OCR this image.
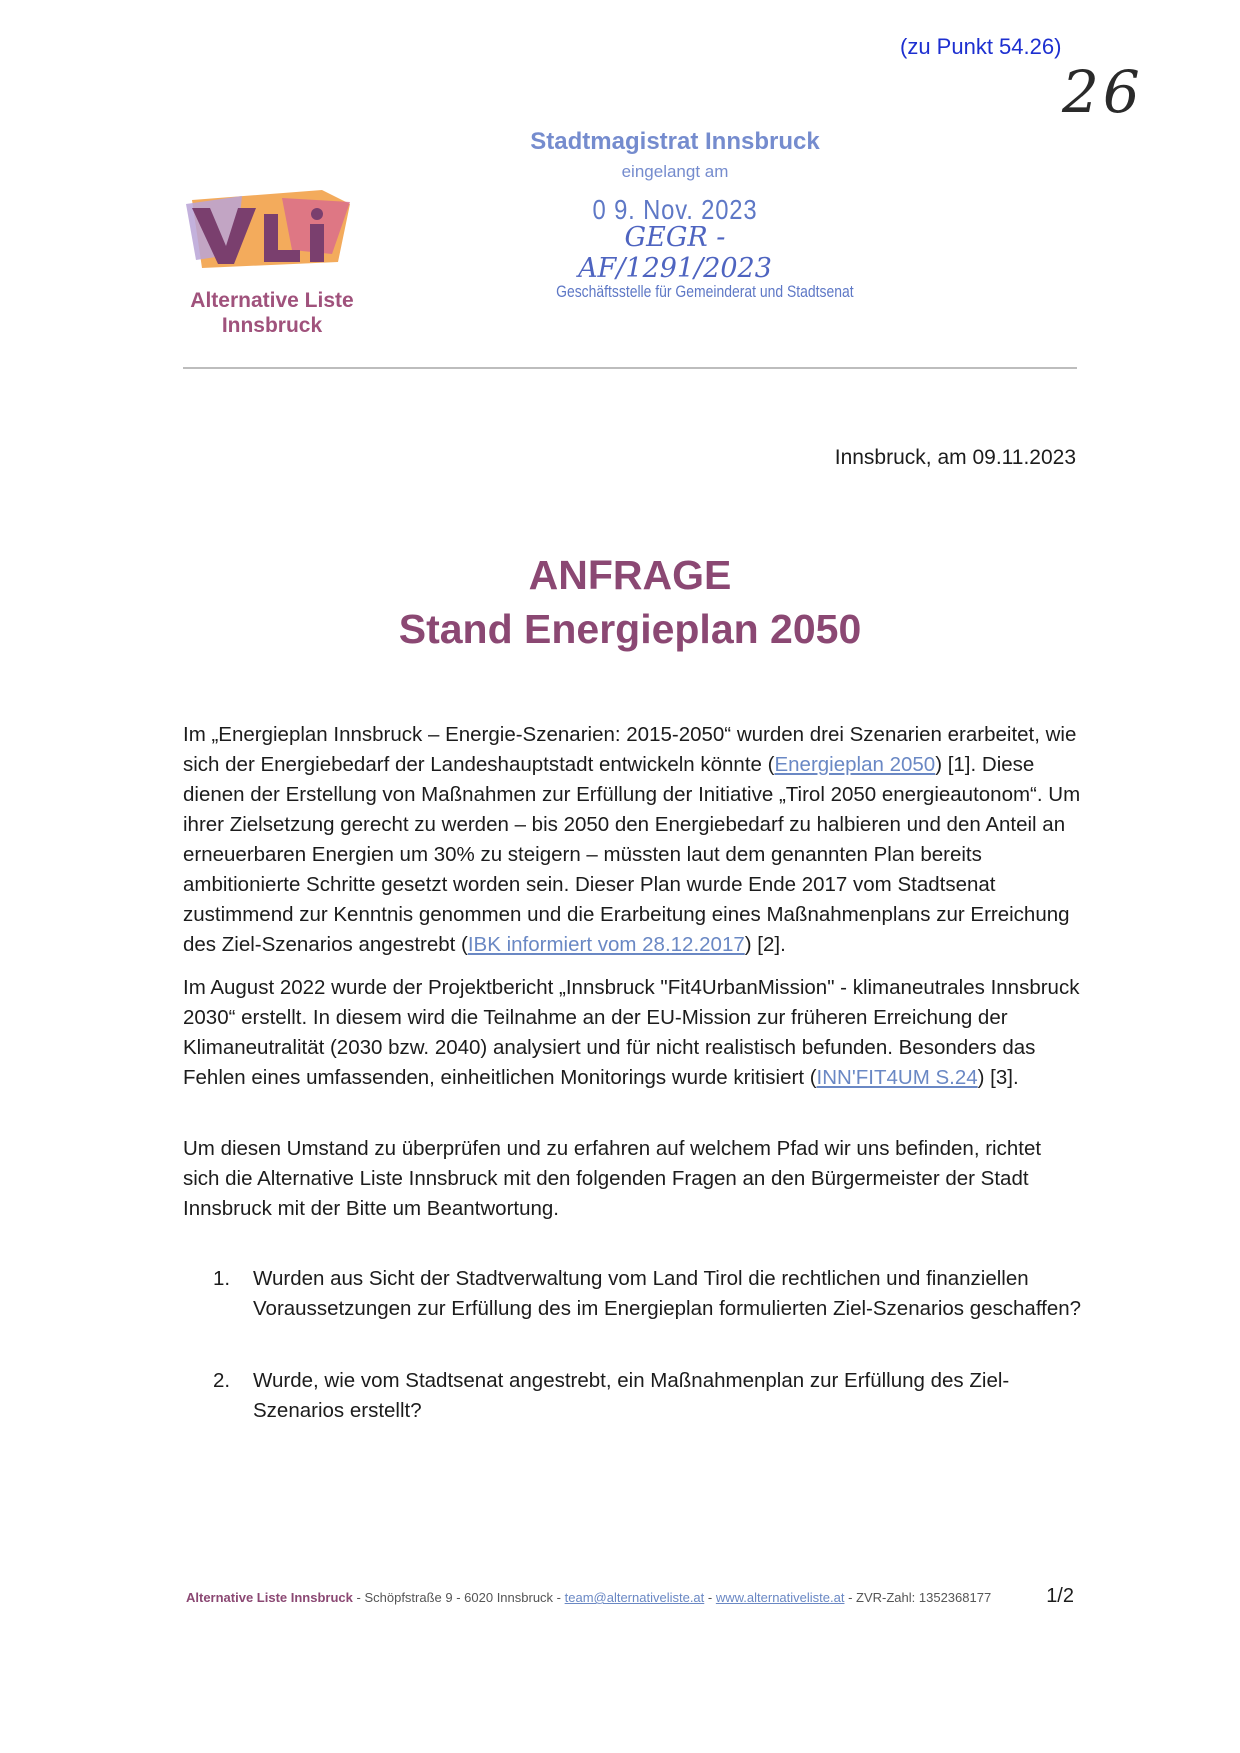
(zu Punkt 54.26)
26
Stadtmagistrat Innsbruck
eingelangt am
0 9. Nov. 2023
GEGR - AF/1291/2023
Geschäftsstelle für Gemeinderat und Stadtsenat
Alternative Liste
Innsbruck
Innsbruck, am 09.11.2023
ANFRAGE
Stand Energieplan 2050
Im „Energieplan Innsbruck – Energie-Szenarien: 2015-2050“ wurden drei Szenarien erarbeitet, wie sich der Energiebedarf der Landeshauptstadt entwickeln könnte (Energieplan 2050) [1]. Diese dienen der Erstellung von Maßnahmen zur Erfüllung der Initiative „Tirol 2050 energieautonom“. Um ihrer Zielsetzung gerecht zu werden – bis 2050 den Energiebedarf zu halbieren und den Anteil an erneuerbaren Energien um 30% zu steigern – müssten laut dem genannten Plan bereits ambitionierte Schritte gesetzt worden sein. Dieser Plan wurde Ende 2017 vom Stadtsenat zustimmend zur Kenntnis genommen und die Erarbeitung eines Maßnahmenplans zur Erreichung des Ziel-Szenarios angestrebt (IBK informiert vom 28.12.2017) [2].
Im August 2022 wurde der Projektbericht „Innsbruck "Fit4UrbanMission" - klimaneutrales Innsbruck 2030“ erstellt. In diesem wird die Teilnahme an der EU-Mission zur früheren Erreichung der Klimaneutralität (2030 bzw. 2040) analysiert und für nicht realistisch befunden. Besonders das Fehlen eines umfassenden, einheitlichen Monitorings wurde kritisiert (INN'FIT4UM S.24) [3].
Um diesen Umstand zu überprüfen und zu erfahren auf welchem Pfad wir uns befinden, richtet sich die Alternative Liste Innsbruck mit den folgenden Fragen an den Bürgermeister der Stadt Innsbruck mit der Bitte um Beantwortung.
1.	Wurden aus Sicht der Stadtverwaltung vom Land Tirol die rechtlichen und finanziellen Voraussetzungen zur Erfüllung des im Energieplan formulierten Ziel-Szenarios geschaffen?
2.	Wurde, wie vom Stadtsenat angestrebt, ein Maßnahmenplan zur Erfüllung des Ziel-Szenarios erstellt?
Alternative Liste Innsbruck - Schöpfstraße 9 - 6020 Innsbruck - team@alternativeliste.at - www.alternativeliste.at - ZVR-Zahl: 1352368177	1/2
